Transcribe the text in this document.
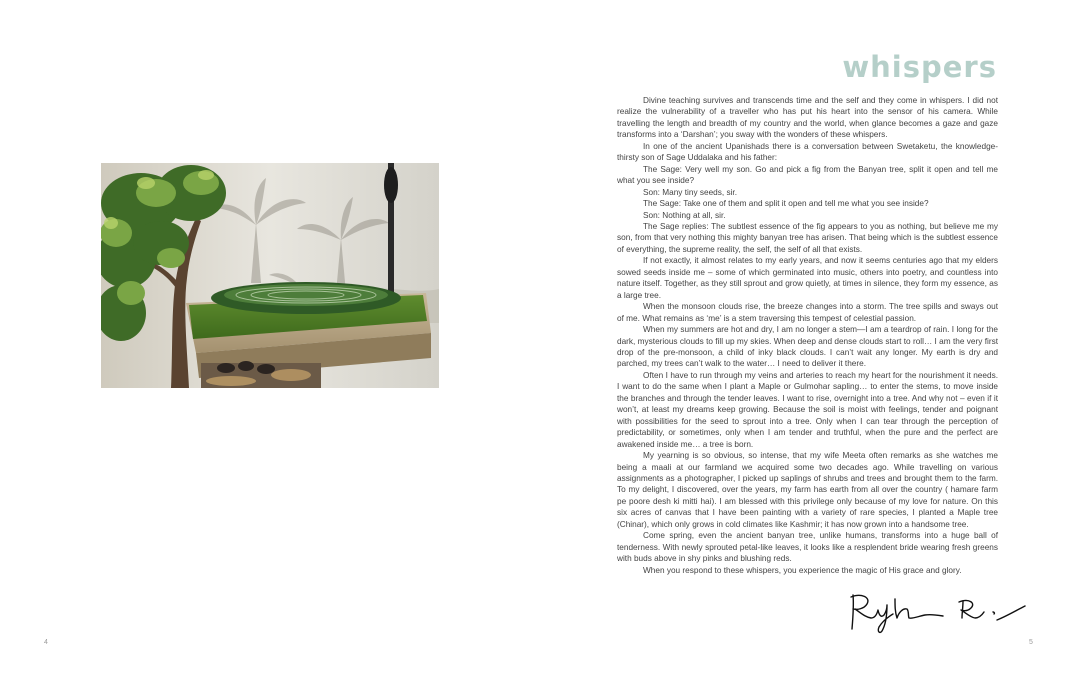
4
whispers

Divine teaching survives and transcends time and the self and they come in whispers. I did not realize the vulnerability of a traveller who has put his heart into the sensor of his camera. While travelling the length and breadth of my country and the world, when glance becomes a gaze and gaze transforms into a ‘Darshan’; you sway with the wonders of these whispers.

In one of the ancient Upanishads there is a conversation between Swetaketu, the knowledge-thirsty son of Sage Uddalaka and his father:

The Sage: Very well my son. Go and pick a fig from the Banyan tree, split it open and tell me what you see inside?

Son: Many tiny seeds, sir.

The Sage: Take one of them and split it open and tell me what you see inside?

Son: Nothing at all, sir.

The Sage replies: The subtlest essence of the fig appears to you as nothing, but believe me my son, from that very nothing this mighty banyan tree has arisen. That being which is the subtlest essence of everything, the supreme reality, the self, the self of all that exists.

If not exactly, it almost relates to my early years, and now it seems centuries ago that my elders sowed seeds inside me – some of which germinated into music, others into poetry, and countless into nature itself. Together, as they still sprout and grow quietly, at times in silence, they form my essence, as a large tree.

When the monsoon clouds rise, the breeze changes into a storm. The tree spills and sways out of me. What remains as ‘me’ is a stem traversing this tempest of celestial passion.

When my summers are hot and dry, I am no longer a stem—I am a teardrop of rain. I long for the dark, mysterious clouds to fill up my skies. When deep and dense clouds start to roll… I am the very first drop of the pre-monsoon, a child of inky black clouds. I can’t wait any longer. My earth is dry and parched, my trees can’t walk to the water… I need to deliver it there.

Often I have to run through my veins and arteries to reach my heart for the nourishment it needs. I want to do the same when I plant a Maple or Gulmohar sapling… to enter the stems, to move inside the branches and through the tender leaves. I want to rise, overnight into a tree. And why not – even if it won’t, at least my dreams keep growing. Because the soil is moist with feelings, tender and poignant with possibilities for the seed to sprout into a tree. Only when I can tear through the perception of predictability, or sometimes, only when I am tender and truthful, when the pure and the perfect are awakened inside me… a tree is born.

My yearning is so obvious, so intense, that my wife Meeta often remarks as she watches me being a maali at our farmland we acquired some two decades ago. While travelling on various assignments as a photographer, I picked up saplings of shrubs and trees and brought them to the farm. To my delight, I discovered, over the years, my farm has earth from all over the country ( hamare farm pe poore desh ki mitti hai). I am blessed with this privilege only because of my love for nature. On this six acres of canvas that I have been painting with a variety of rare species, I planted a Maple tree (Chinar), which only grows in cold climates like Kashmir; it has now grown into a handsome tree.

Come spring, even the ancient banyan tree, unlike humans, transforms into a huge ball of tenderness. With newly sprouted petal-like leaves, it looks like a resplendent bride wearing fresh greens with buds above in shy pinks and blushing reds.

When you respond to these whispers, you experience the magic of His grace and glory.

5
